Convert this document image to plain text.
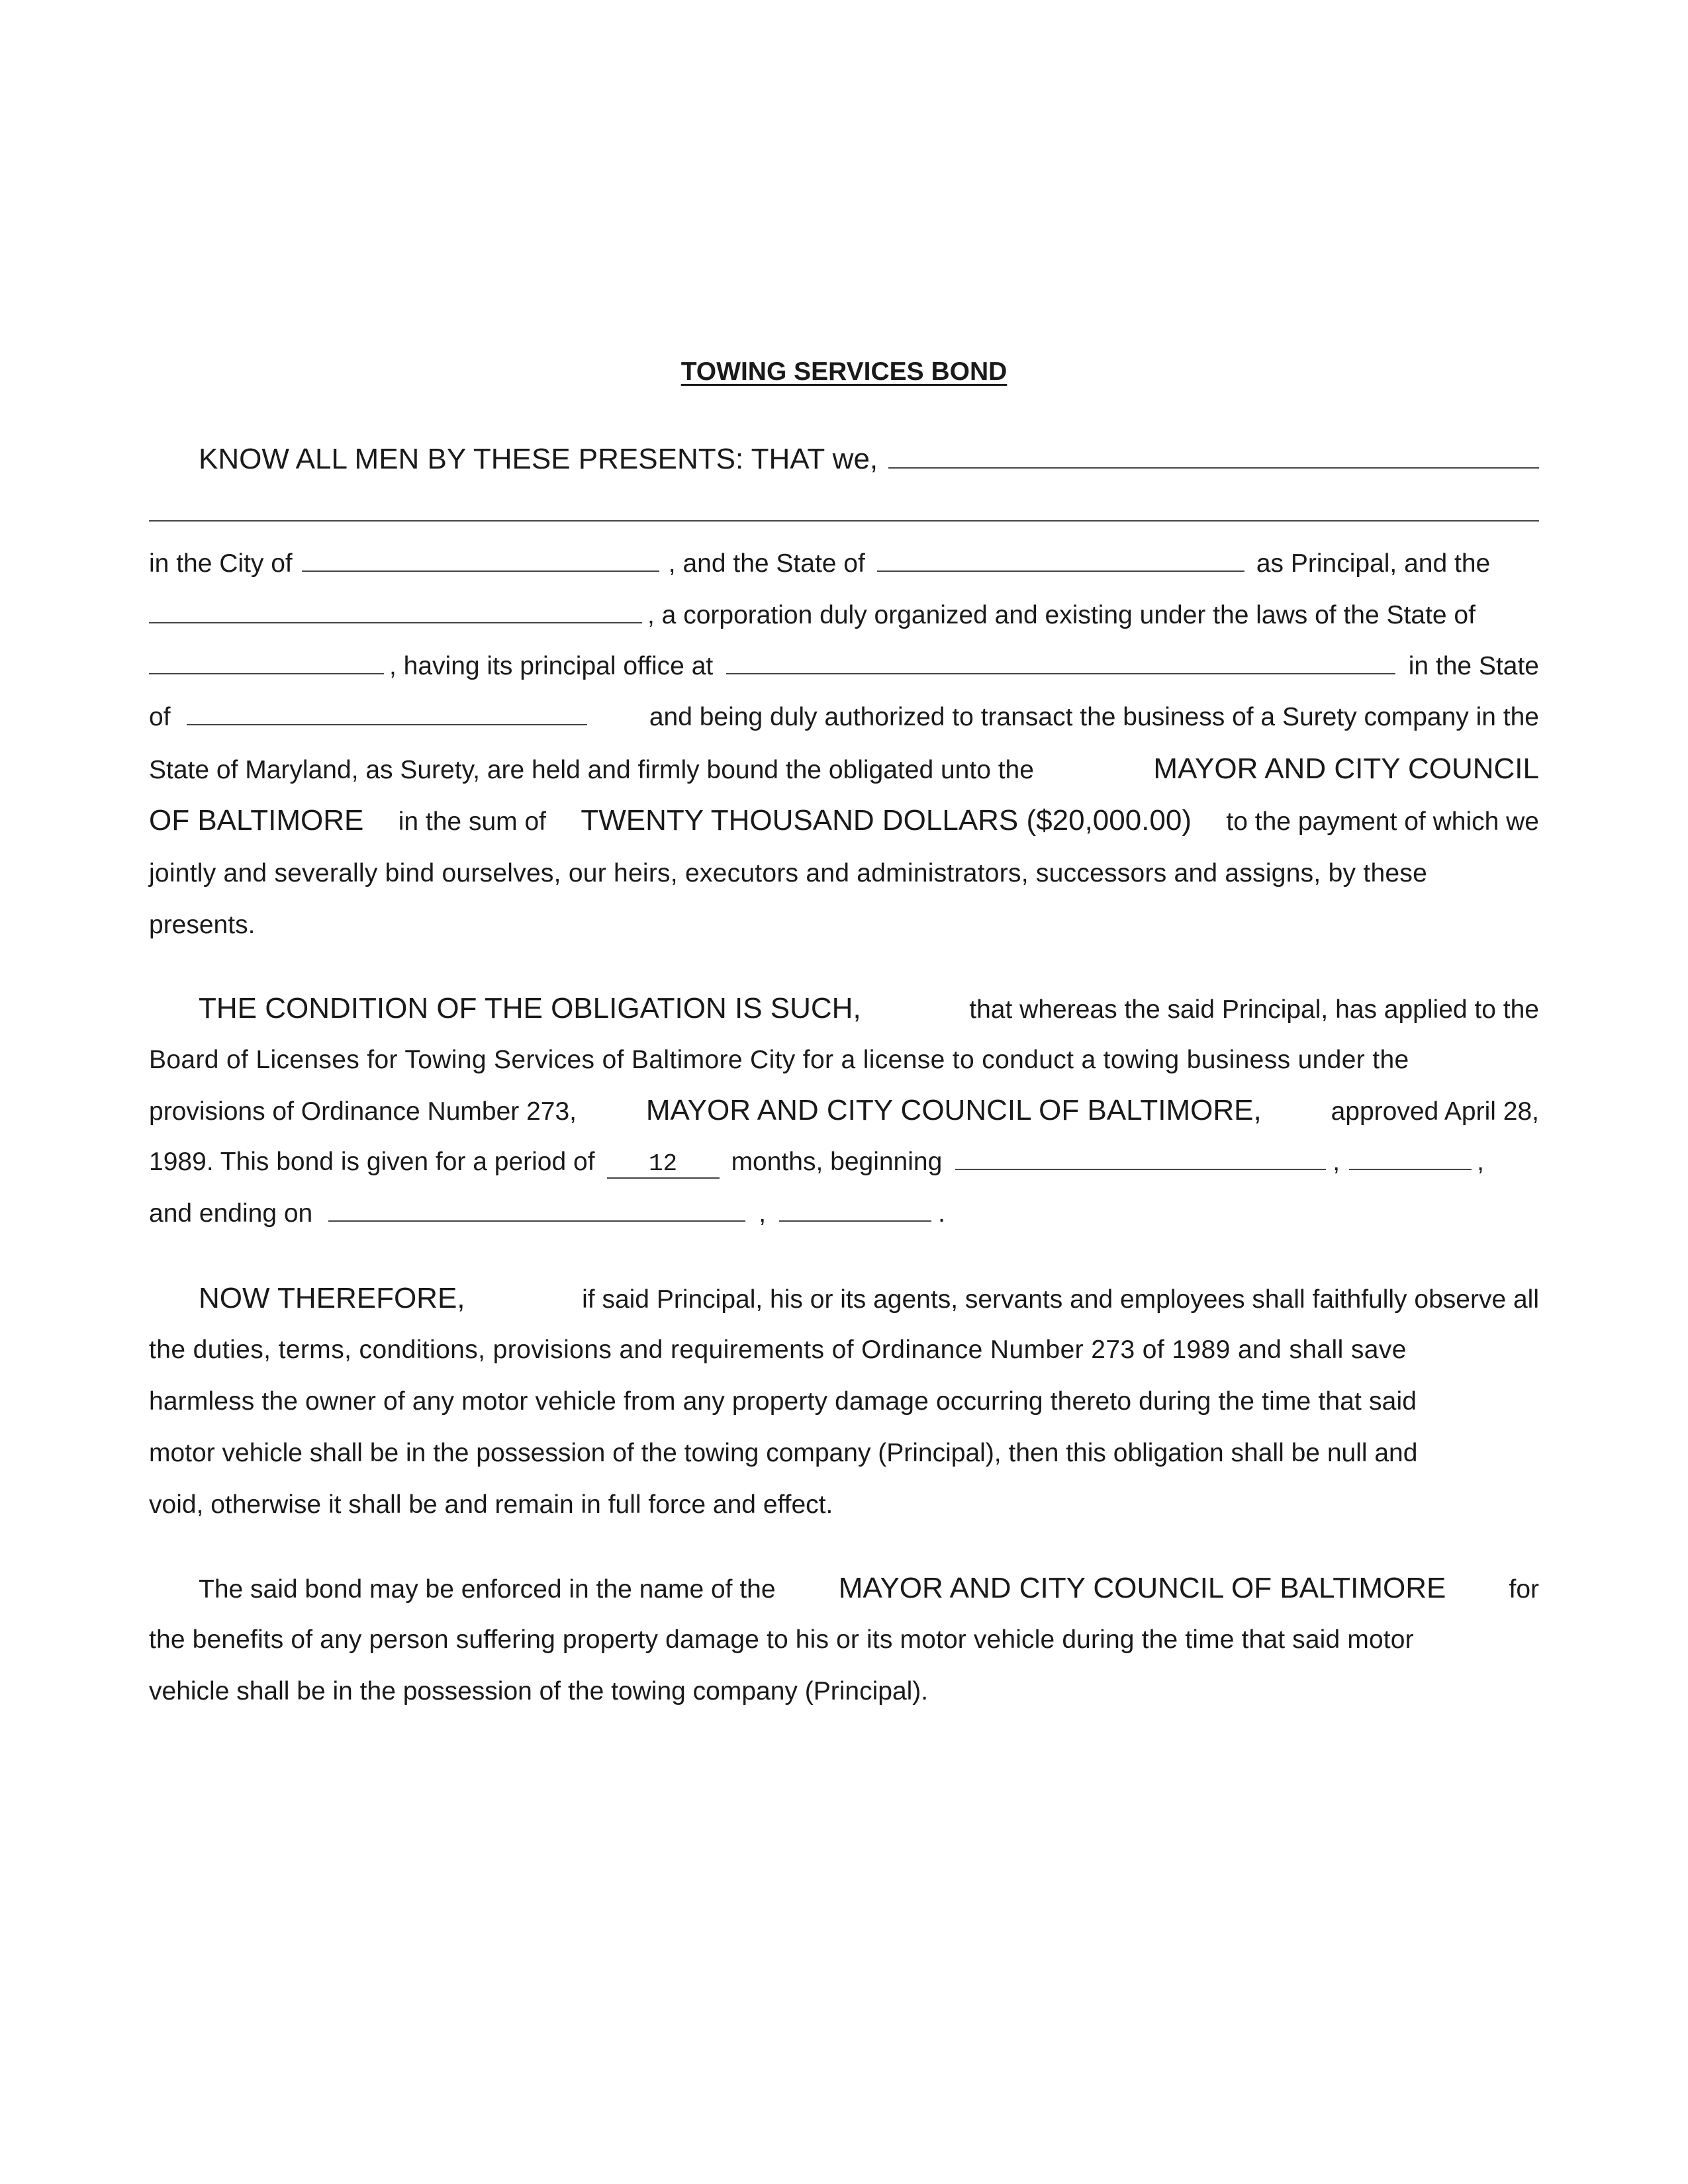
TOWING SERVICES BOND
KNOW ALL MEN BY THESE PRESENTS: THAT we,
in the City of	, and the State of	as Principal, and the
, a corporation duly organized and existing under the laws of the State of
, having its principal office at	in the State
of	and being duly authorized to transact the business of a Surety company in the
State of Maryland, as Surety, are held and firmly bound the obligated unto the	MAYOR AND CITY COUNCIL
OF BALTIMORE in the sum of TWENTY THOUSAND DOLLARS ($20,000.00) to the payment of which we
jointly and severally bind ourselves, our heirs, executors and administrators, successors and assigns, by these
presents.
THE CONDITION OF THE OBLIGATION IS SUCH,	that whereas the said Principal, has applied to the
Board of Licenses for Towing Services of Baltimore City for a license to conduct a towing business under the
provisions of Ordinance Number 273, MAYOR AND CITY COUNCIL OF BALTIMORE,	approved April 28,
1989. This bond is given for a period of	12	months, beginning	,	,
and ending on	,	.
NOW THEREFORE,	if said Principal, his or its agents, servants and employees shall faithfully observe all
the duties, terms, conditions, provisions and requirements of Ordinance Number 273 of 1989 and shall save
harmless the owner of any motor vehicle from any property damage occurring thereto during the time that said
motor vehicle shall be in the possession of the towing company (Principal), then this obligation shall be null and
void, otherwise it shall be and remain in full force and effect.
The said bond may be enforced in the name of the MAYOR AND CITY COUNCIL OF BALTIMORE for
the benefits of any person suffering property damage to his or its motor vehicle during the time that said motor
vehicle shall be in the possession of the towing company (Principal).
